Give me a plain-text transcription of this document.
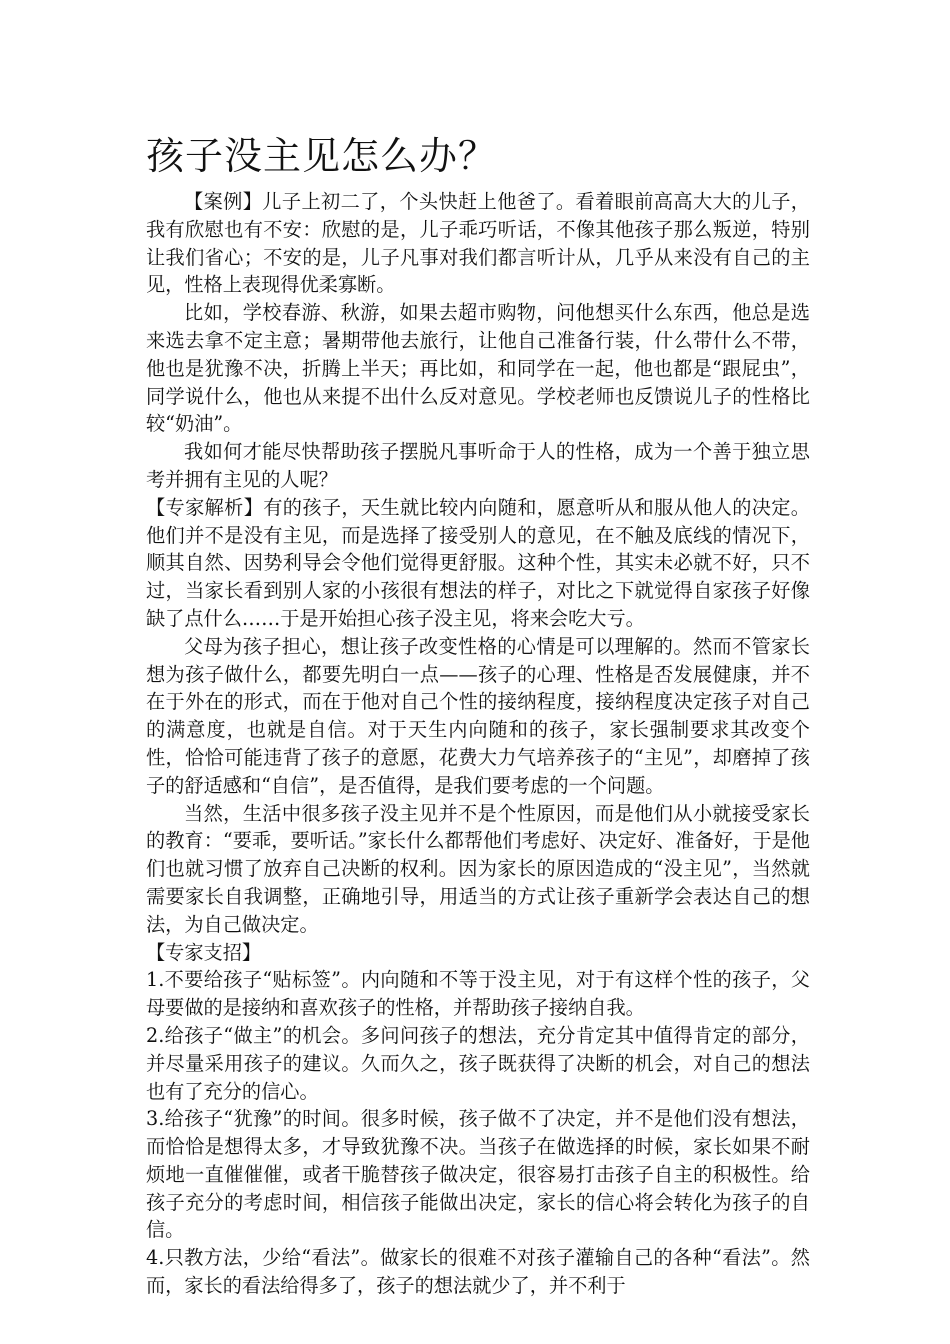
孩子没主见怎么办？

【案例】儿子上初二了，个头快赶上他爸了。看着眼前高高大大的儿子，我有欣慰也有不安：欣慰的是，儿子乖巧听话，不像其他孩子那么叛逆，特别让我们省心；不安的是，儿子凡事对我们都言听计从，几乎从来没有自己的主见，性格上表现得优柔寡断。

比如，学校春游、秋游，如果去超市购物，问他想买什么东西，他总是选来选去拿不定主意；暑期带他去旅行，让他自己准备行装，什么带什么不带，他也是犹豫不决，折腾上半天；再比如，和同学在一起，他也都是“跟屁虫”，同学说什么，他也从来提不出什么反对意见。学校老师也反馈说儿子的性格比较“奶油”。

我如何才能尽快帮助孩子摆脱凡事听命于人的性格，成为一个善于独立思考并拥有主见的人呢？

【专家解析】有的孩子，天生就比较内向随和，愿意听从和服从他人的决定。他们并不是没有主见，而是选择了接受别人的意见，在不触及底线的情况下，顺其自然、因势利导会令他们觉得更舒服。这种个性，其实未必就不好，只不过，当家长看到别人家的小孩很有想法的样子，对比之下就觉得自家孩子好像缺了点什么……于是开始担心孩子没主见，将来会吃大亏。

父母为孩子担心，想让孩子改变性格的心情是可以理解的。然而不管家长想为孩子做什么，都要先明白一点——孩子的心理、性格是否发展健康，并不在于外在的形式，而在于他对自己个性的接纳程度，接纳程度决定孩子对自己的满意度，也就是自信。对于天生内向随和的孩子，家长强制要求其改变个性，恰恰可能违背了孩子的意愿，花费大力气培养孩子的“主见”，却磨掉了孩子的舒适感和“自信”，是否值得，是我们要考虑的一个问题。

当然，生活中很多孩子没主见并不是个性原因，而是他们从小就接受家长的教育：“要乖，要听话。”家长什么都帮他们考虑好、决定好、准备好，于是他们也就习惯了放弃自己决断的权利。因为家长的原因造成的“没主见”，当然就需要家长自我调整，正确地引导，用适当的方式让孩子重新学会表达自己的想法，为自己做决定。

【专家支招】

1.不要给孩子“贴标签”。内向随和不等于没主见，对于有这样个性的孩子，父母要做的是接纳和喜欢孩子的性格，并帮助孩子接纳自我。

2.给孩子“做主”的机会。多问问孩子的想法，充分肯定其中值得肯定的部分，并尽量采用孩子的建议。久而久之，孩子既获得了决断的机会，对自己的想法也有了充分的信心。

3.给孩子“犹豫”的时间。很多时候，孩子做不了决定，并不是他们没有想法，而恰恰是想得太多，才导致犹豫不决。当孩子在做选择的时候，家长如果不耐烦地一直催催催，或者干脆替孩子做决定，很容易打击孩子自主的积极性。给孩子充分的考虑时间，相信孩子能做出决定，家长的信心将会转化为孩子的自信。

4.只教方法，少给“看法”。做家长的很难不对孩子灌输自己的各种“看法”。然而，家长的看法给得多了，孩子的想法就少了，并不利于
